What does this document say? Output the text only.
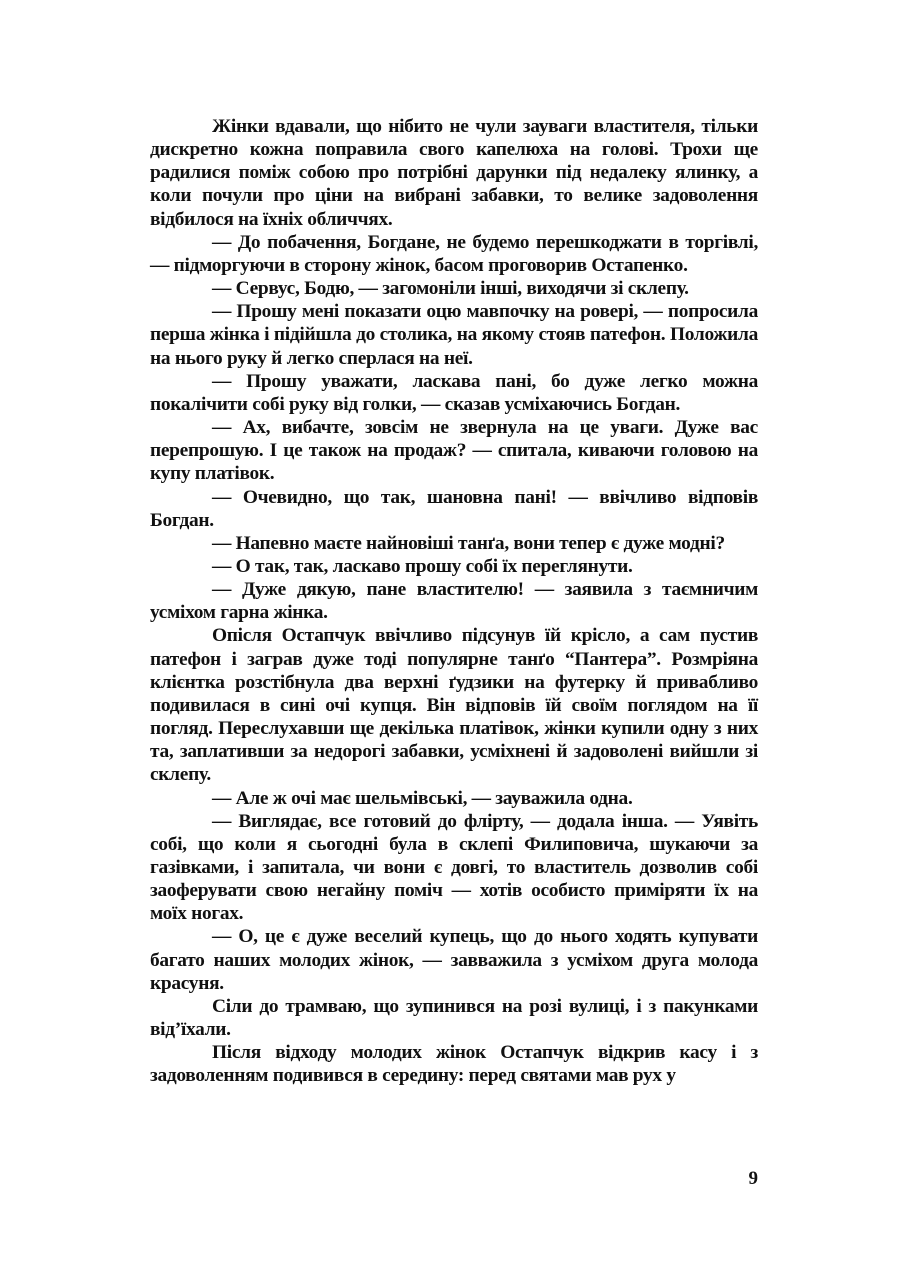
Жінки вдавали, що нібито не чули зауваги властителя, тільки дискретно кожна поправила свого капелюха на голові. Трохи ще радилися поміж собою про потрібні дарунки під недалеку ялинку, а коли почули про ціни на вибрані забавки, то велике задоволення відбилося на їхніх обличчях.

— До побачення, Богдане, не будемо перешкоджати в торгівлі, — підморгуючи в сторону жінок, басом проговорив Остапенко.

— Сервус, Бодю, — загомоніли інші, виходячи зі склепу.

— Прошу мені показати оцю мавпочку на ровері, — попросила перша жінка і підійшла до столика, на якому стояв патефон. Положила на нього руку й легко сперлася на неї.

— Прошу уважати, ласкава пані, бо дуже легко можна покалічити собі руку від голки, — сказав усміхаючись Богдан.

— Ах, вибачте, зовсім не звернула на це уваги. Дуже вас перепрошую. І це також на продаж? — спитала, киваючи головою на купу платівок.

— Очевидно, що так, шановна пані! — ввічливо відповів Богдан.

— Напевно маєте найновіші танґа, вони тепер є дуже модні?

— О так, так, ласкаво прошу собі їх переглянути.

— Дуже дякую, пане властителю! — заявила з таємничим усміхом гарна жінка.

Опісля Остапчук ввічливо підсунув їй крісло, а сам пустив патефон і заграв дуже тоді популярне танґо “Пантера”. Розмріяна клієнтка розстібнула два верхні ґудзики на футерку й привабливо подивилася в сині очі купця. Він відповів їй своїм поглядом на її погляд. Переслухавши ще декілька платівок, жінки купили одну з них та, заплативши за недорогі забавки, усміхнені й задоволені вийшли зі склепу.

— Але ж очі має шельмівські, — зауважила одна.

— Виглядає, все готовий до флірту, — додала інша. — Уявіть собі, що коли я сьогодні була в склепі Филиповича, шукаючи за газівками, і запитала, чи вони є довгі, то властитель дозволив собі заоферувати свою негайну поміч — хотів особисто приміряти їх на моїх ногах.

— О, це є дуже веселий купець, що до нього ходять купувати багато наших молодих жінок, — завважила з усміхом друга молода красуня.

Сіли до трамваю, що зупинився на розі вулиці, і з пакунками від’їхали.

Після відходу молодих жінок Остапчук відкрив касу і з задоволенням подивився в середину: перед святами мав рух у

9
